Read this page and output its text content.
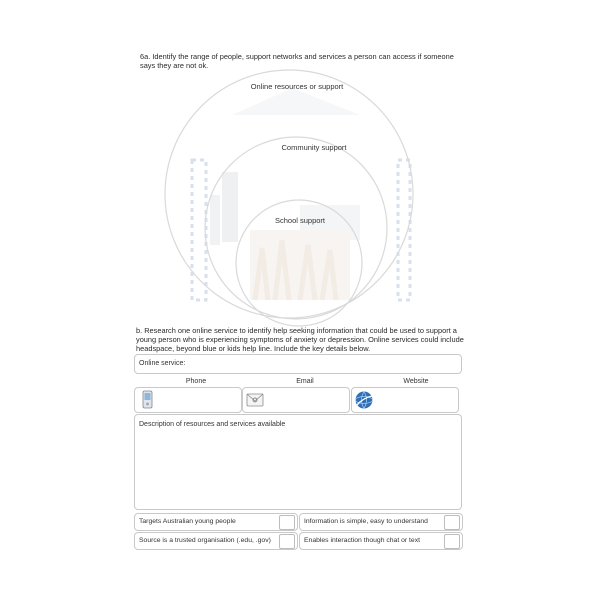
6a. Identify the range of people, support networks and services a person can access if someone says they are not ok.
Online resources or support
Community support
School support
b. Research one online service to identify help seeking information that could be used to support a young person who is experiencing symptoms of anxiety or depression. Online services could include headspace, beyond blue or kids help line. Include the key details below.
Online service:
Phone	Email	Website
Description of resources and services available
Targets Australian young people	Information is simple, easy to understand
Source is a trusted organisation (.edu, .gov)	Enables interaction though chat or text
